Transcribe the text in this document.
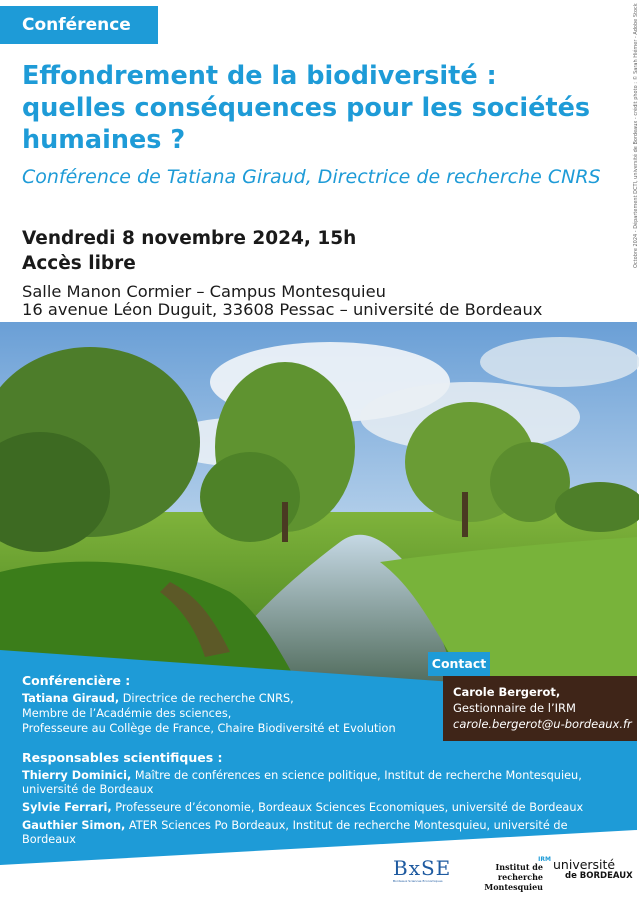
Conférence	Octobre 2024 - Département DCTI, université de Bordeaux - crédit photo : © Sarah Hiémer - Adobe Stock
Effondrement de la biodiversité : quelles conséquences pour les sociétés humaines ?

Conférence de Tatiana Giraud, Directrice de recherche CNRS

Vendredi 8 novembre 2024, 15h

Accès libre

Salle Manon Cormier – Campus Montesquieu

16 avenue Léon Duguit, 33608 Pessac – université de Bordeaux

Conférencière :
Tatiana Giraud, Directrice de recherche CNRS,
Membre de l’Académie des sciences,
Professeure au Collège de France, Chaire Biodiversité et Evolution
Contact
Carole Bergerot,
Gestionnaire de l’IRM
carole.bergerot@u-bordeaux.fr
Responsables scientifiques :

Thierry Dominici, Maître de conférences en science politique, Institut de recherche Montesquieu, université de Bordeaux

Sylvie Ferrari, Professeure d’économie, Bordeaux Sciences Economiques, université de Bordeaux

Gauthier Simon, ATER Sciences Po Bordeaux, Institut de recherche Montesquieu, université de Bordeaux

BxSE
Bordeaux Sciences Economiques
IRM
Institut de recherche
Montesquieu
université
de BORDEAUX
